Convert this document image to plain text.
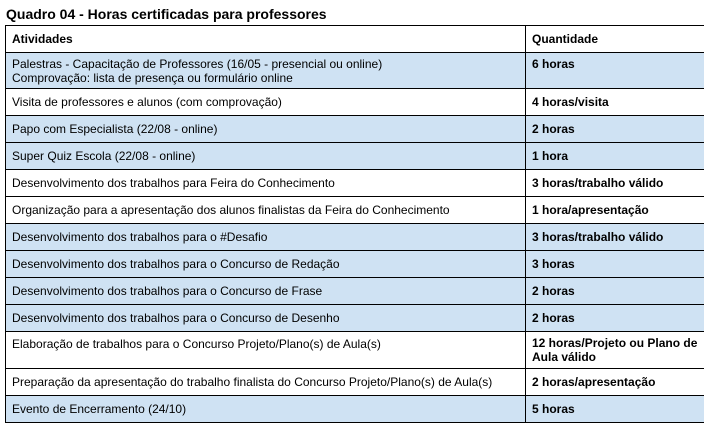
Quadro 04 - Horas certificadas para professores
Atividades	Quantidade

Palestras - Capacitação de Professores (16/05 - presencial ou online)
Comprovação: lista de presença ou formulário online	6 horas
Visita de professores e alunos (com comprovação)	4 horas/visita
Papo com Especialista (22/08 - online)	2 horas
Super Quiz Escola (22/08 - online)	1 hora
Desenvolvimento dos trabalhos para Feira do Conhecimento	3 horas/trabalho válido
Organização para a apresentação dos alunos finalistas da Feira do Conhecimento	1 hora/apresentação
Desenvolvimento dos trabalhos para o #Desafio	3 horas/trabalho válido
Desenvolvimento dos trabalhos para o Concurso de Redação	3 horas
Desenvolvimento dos trabalhos para o Concurso de Frase	2 horas
Desenvolvimento dos trabalhos para o Concurso de Desenho	2 horas
Elaboração de trabalhos para o Concurso Projeto/Plano(s) de Aula(s)	12 horas/Projeto ou Plano de
Aula válido

Preparação da apresentação do trabalho finalista do Concurso Projeto/Plano(s) de Aula(s)	2 horas/apresentação
Evento de Encerramento (24/10)	5 horas
